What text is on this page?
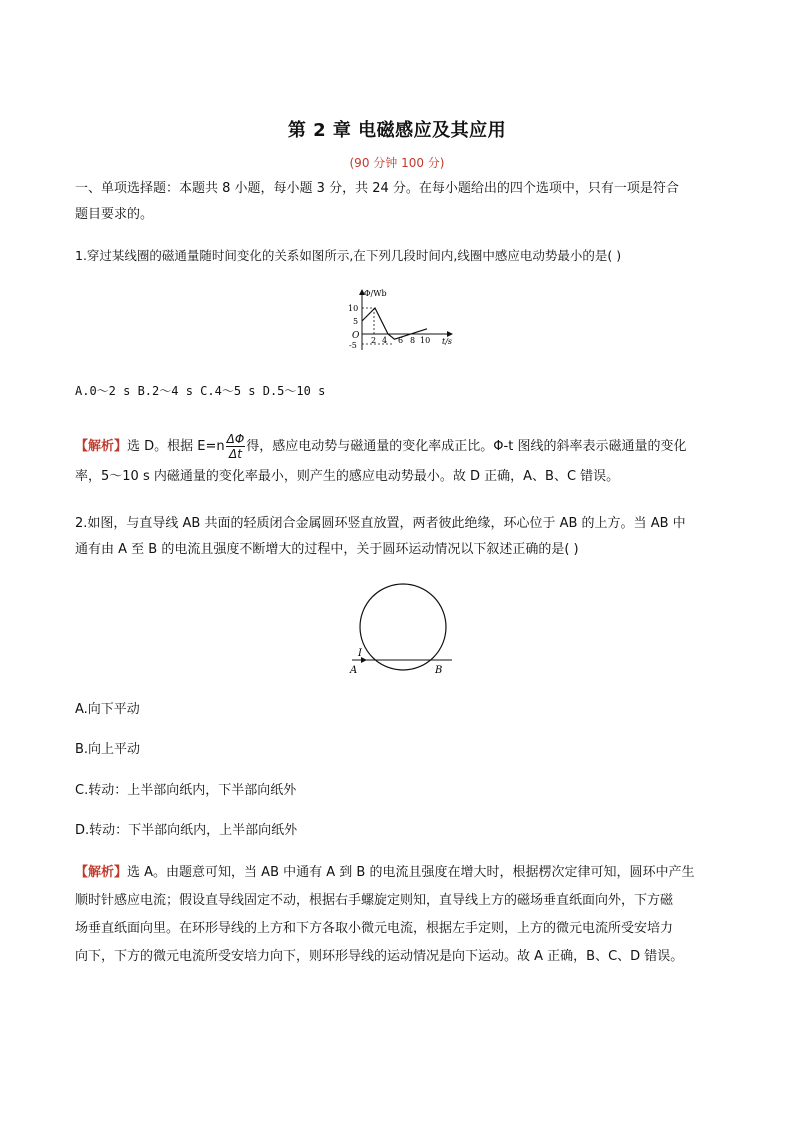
第 2 章 电磁感应及其应用
(90 分钟 100 分)
一、单项选择题：本题共 8 小题，每小题 3 分，共 24 分。在每小题给出的四个选项中，只有一项是符合
题目要求的。
1.穿过某线圈的磁通量随时间变化的关系如图所示,在下列几段时间内,线圈中感应电动势最小的是( )
Φ/Wb
t/s
O
10
5
-5
2 4 6 8 10
A.0～2 s B.2～4 s C.4～5 s D.5～10 s
【解析】选 D。根据 $E=n \frac{\Delta\Phi}{\Delta t}$ 得，感应电动势与磁通量的变化率成正比。Φ-t 图线的斜率表示磁通量的变化
率，5～10 s 内磁通量的变化率最小，则产生的感应电动势最小。故 D 正确，A、B、C 错误。
2.如图，与直导线 AB 共面的轻质闭合金属圆环竖直放置，两者彼此绝缘，环心位于 AB 的上方。当 AB 中
通有由 A 至 B 的电流且强度不断增大的过程中，关于圆环运动情况以下叙述正确的是( )
I
A	B
A.向下平动
B.向上平动
C.转动：上半部向纸内，下半部向纸外
D.转动：下半部向纸内，上半部向纸外
【解析】选 A。由题意可知，当 AB 中通有 A 到 B 的电流且强度在增大时，根据楞次定律可知，圆环中产生
顺时针感应电流；假设直导线固定不动，根据右手螺旋定则知，直导线上方的磁场垂直纸面向外，下方磁
场垂直纸面向里。在环形导线的上方和下方各取小微元电流，根据左手定则，上方的微元电流所受安培力
向下，下方的微元电流所受安培力向下，则环形导线的运动情况是向下运动。故 A 正确，B、C、D 错误。
